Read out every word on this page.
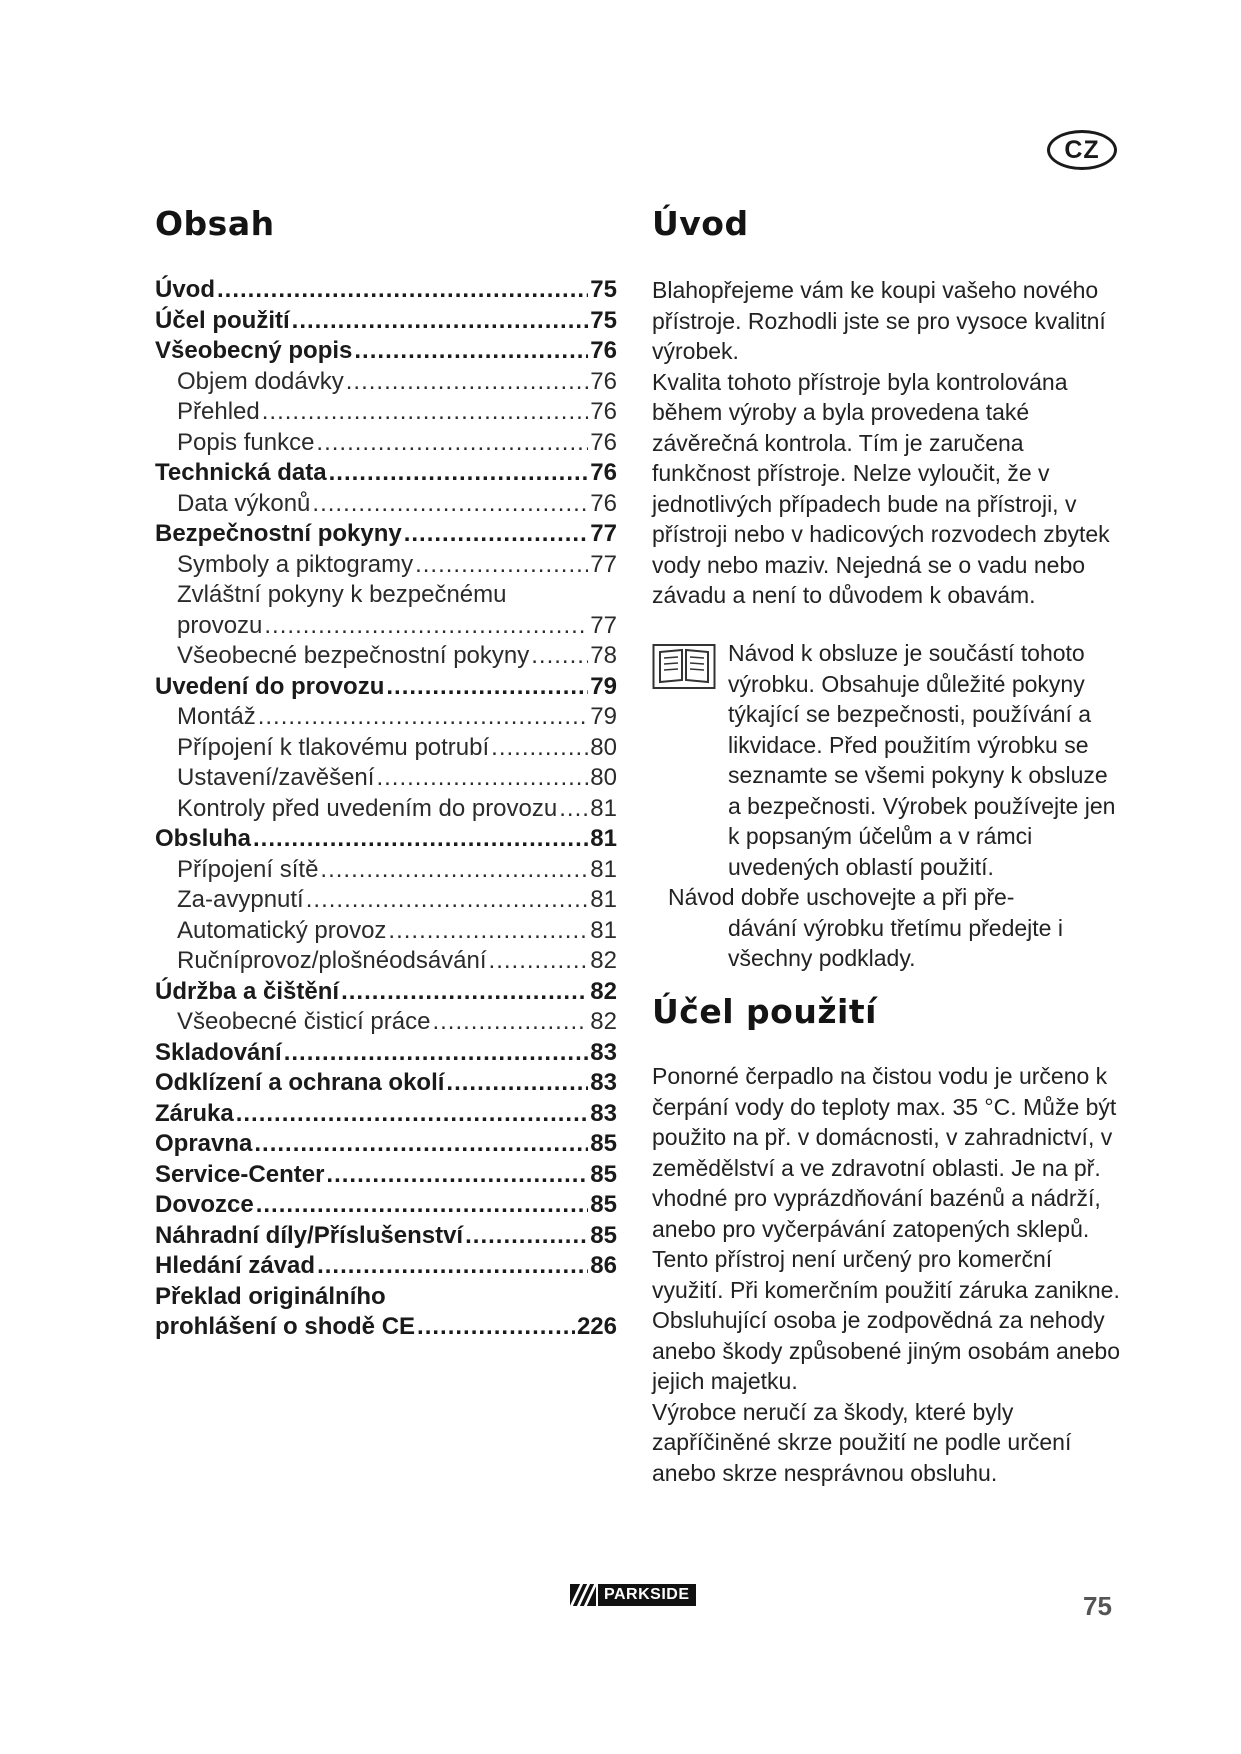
CZ
Obsah
Úvod .....	75
Účel použití .....	75
Všeobecný popis .....	76
Objem dodávky .....	76
Přehled .....	76
Popis funkce .....	76
Technická data .....	76
Data výkonů .....	76
Bezpečnostní pokyny .....	77
Symboly a piktogramy .....	77
Zvláštní pokyny k bezpečnému
provozu .....	77
Všeobecné bezpečnostní pokyny .....	78
Uvedení do provozu .....	79
Montáž .....	79
Přípojení k tlakovému potrubí .....	80
Ustavení/zavěšení .....	80
Kontroly před uvedením do provozu ..... 81
Obsluha .....	81
Přípojení sítě .....	81
Za-avypnutí .....	81
Automatický provoz .....	81
Ručníprovoz/plošnéodsávání .....	82
Údržba a čištění .....	82
Všeobecné čisticí práce .....	82
Skladování .....	83
Odklízení a ochrana okolí .....	83
Záruka .....	83
Opravna .....	85
Service-Center .....	85
Dovozce .....	85
Náhradní díly/Příslušenství .....	85
Hledání závad .....	86
Překlad originálního
prohlášení o shodě CE .....	226
Úvod

Blahopřejeme vám ke koupi vašeho nového přístroje. Rozhodli jste se pro vysoce kvalitní výrobek.

Kvalita tohoto přístroje byla kontrolována během výroby a byla provedena také závěrečná kontrola. Tím je zaručena funkčnost přístroje. Nelze vyloučit, že v jednotlivých případech bude na přístroji, v přístroji nebo v hadicových rozvodech zbytek vody nebo maziv. Nejedná se o vadu nebo závadu a není to důvodem k obavám.

Návod k obsluze je součástí tohoto výrobku. Obsahuje důležité pokyny týkající se bezpečnosti, používání a likvidace. Před použitím výrobku se seznamte se všemi pokyny k obsluze a bezpečnosti. Výrobek používejte jen k popsaným účelům a v rámci uvedených oblastí použití.

Návod dobře uschovejte a při pře-
dávání výrobku třetímu předejte i všechny podklady.

Účel použití

Ponorné čerpadlo na čistou vodu je určeno k čerpání vody do teploty max. 35 °C. Může být použito na př. v domácnosti, v zahradnictví, v zemědělství a ve zdravotní oblasti. Je na př. vhodné pro vyprázdňování bazénů a nádrží, anebo pro vyčerpávání zatopených sklepů.

Tento přístroj není určený pro komerční využití. Při komerčním použití záruka zanikne. Obsluhující osoba je zodpovědná za nehody anebo škody způsobené jiným osobám anebo jejich majetku.

Výrobce neručí za škody, které byly zapříčiněné skrze použití ne podle určení anebo skrze nesprávnou obsluhu.

PARKSIDE	75
